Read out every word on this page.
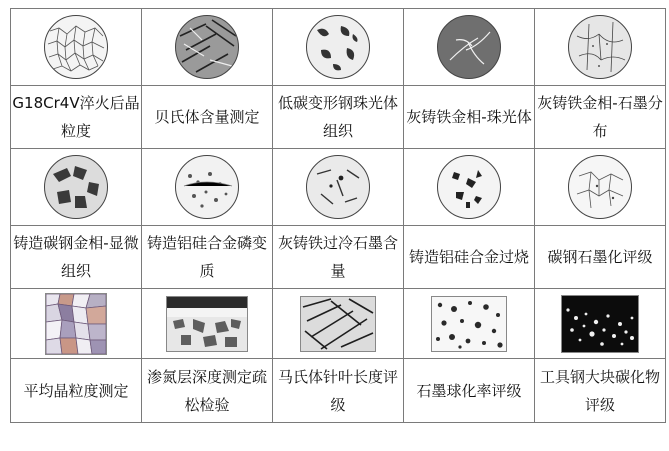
G18Cr4V淬火后晶粒度	贝氏体含量测定	低碳变形钢珠光体组织	灰铸铁金相-珠光体	灰铸铁金相-石墨分布

铸造碳钢金相-显微组织	铸造铝硅合金磷变质	灰铸铁过冷石墨含量	铸造铝硅合金过烧	碳钢石墨化评级

平均晶粒度测定	渗氮层深度测定疏松检验	马氏体针叶长度评级	石墨球化率评级	工具钢大块碳化物评级
